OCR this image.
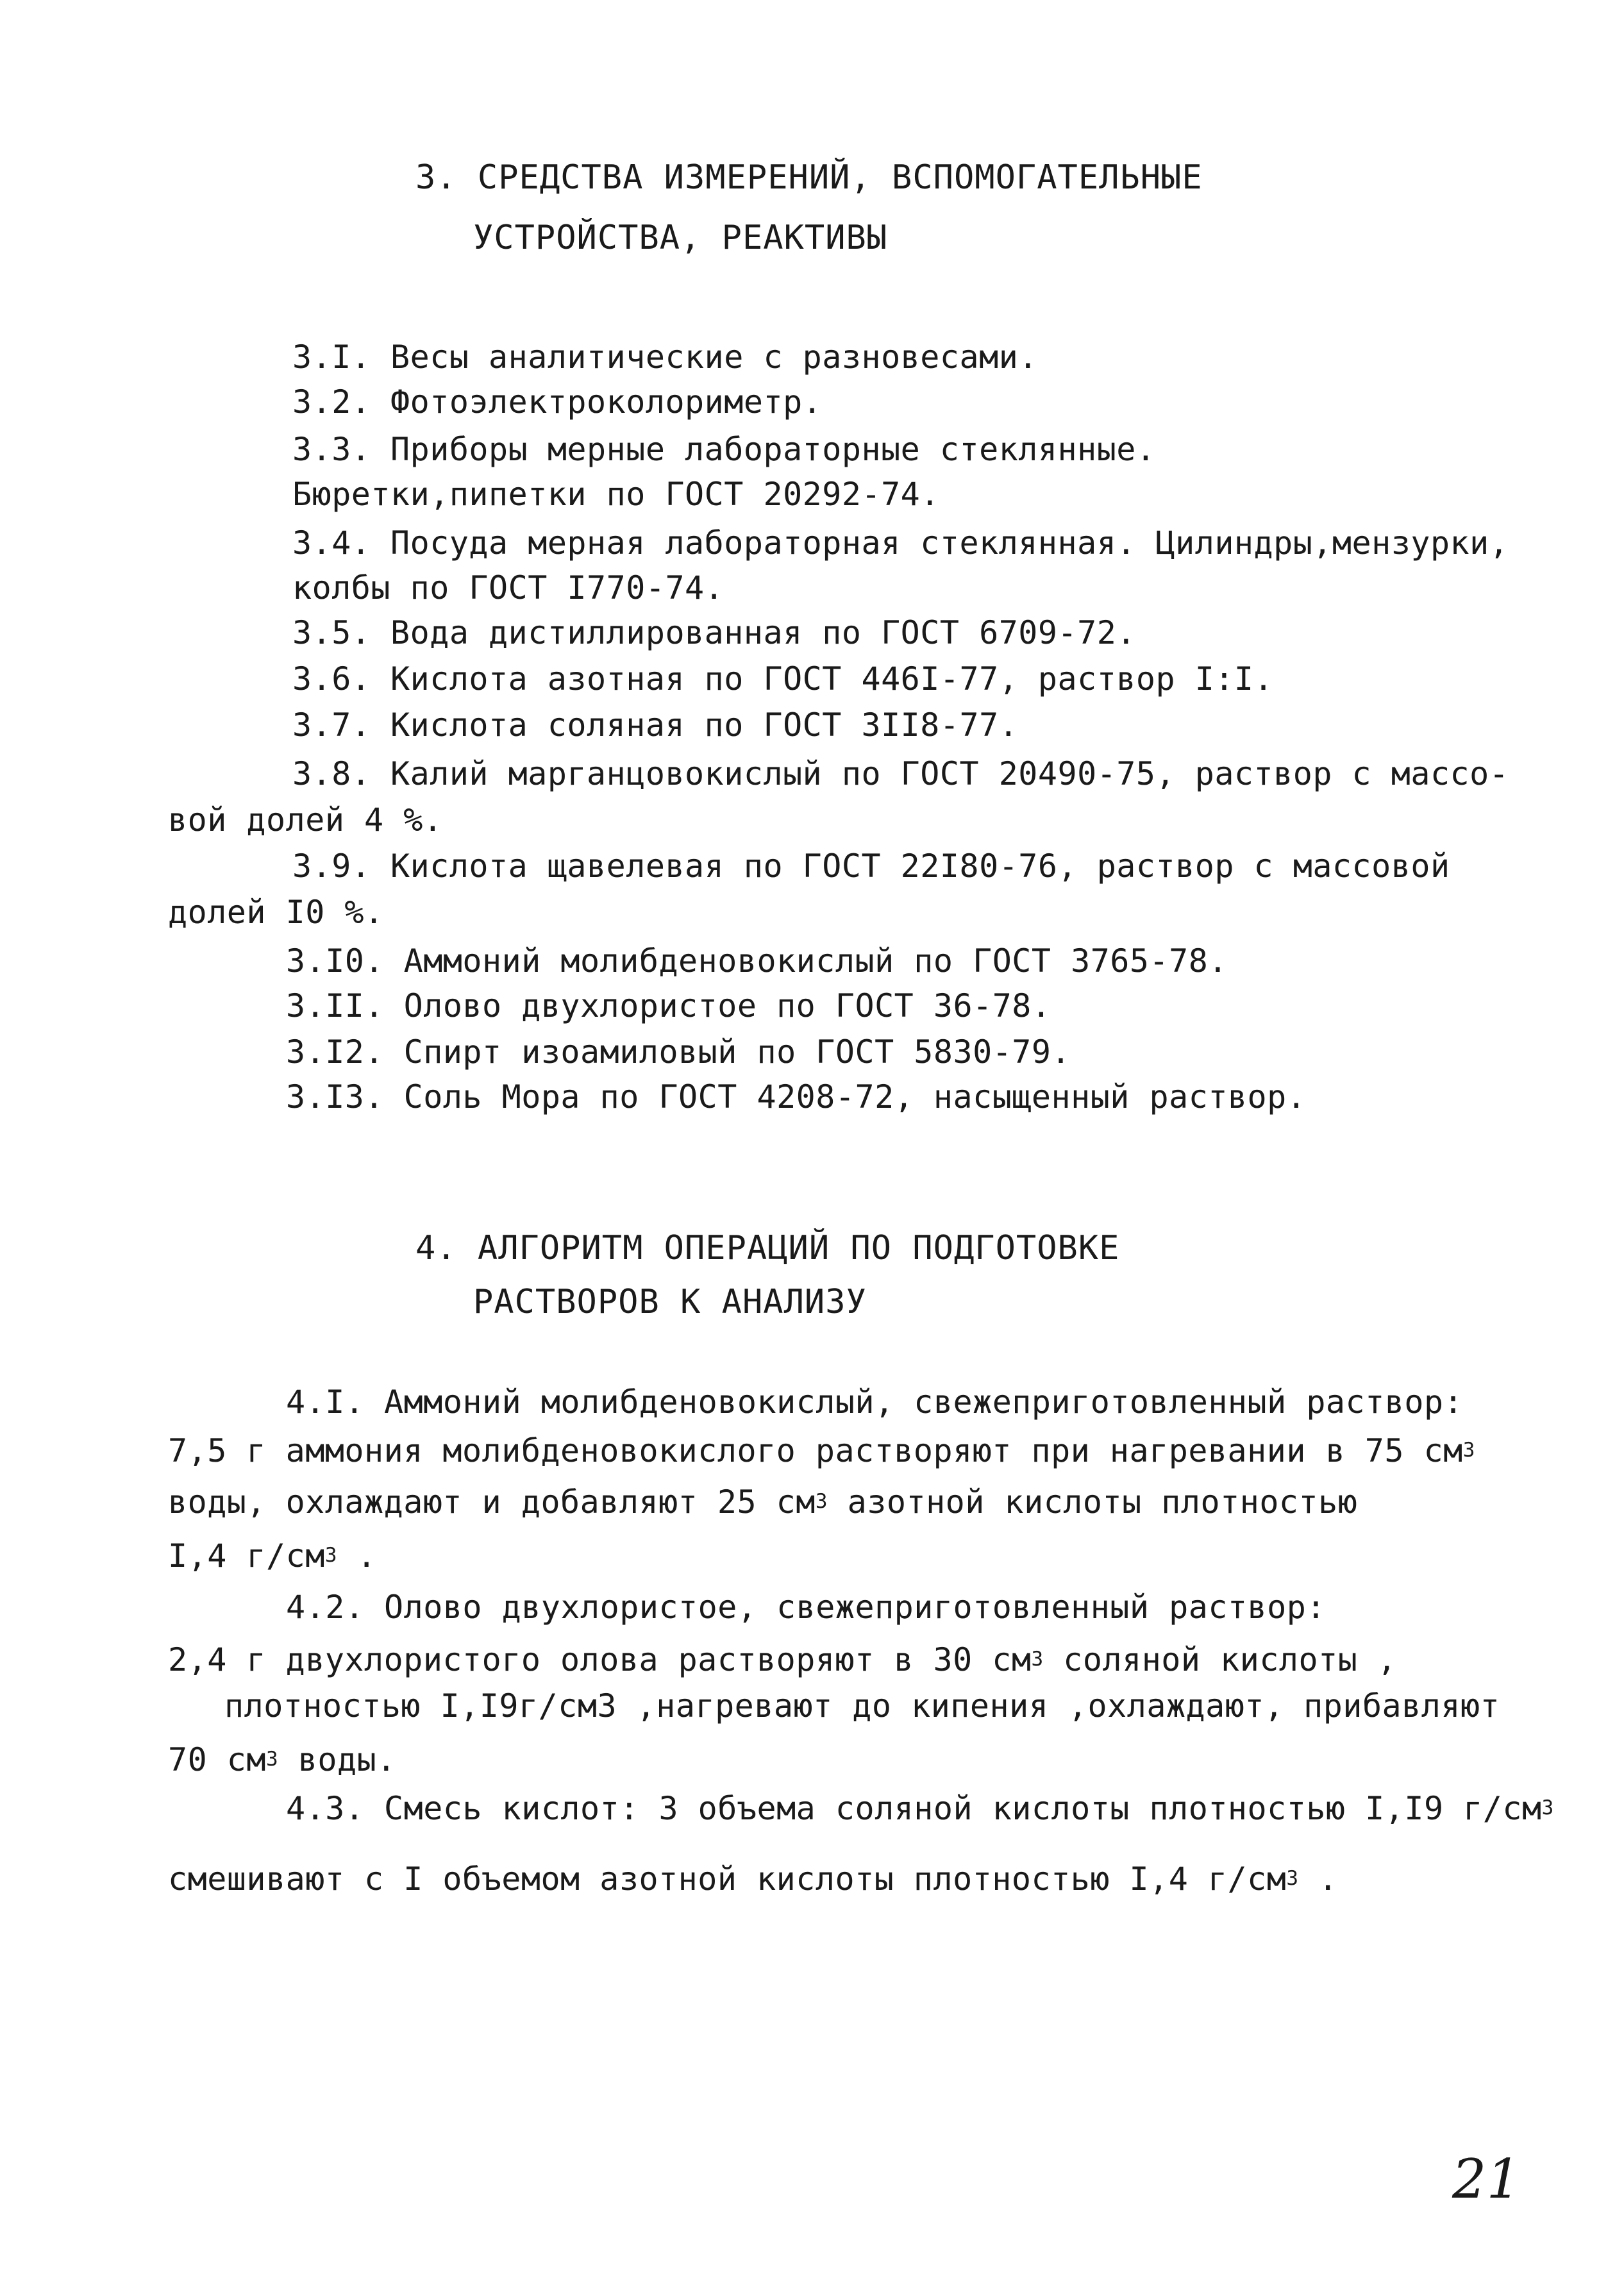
3. СРЕДСТВА ИЗМЕРЕНИЙ, ВСПОМОГАТЕЛЬНЫЕ
УСТРОЙСТВА, РЕАКТИВЫ
3.I. Весы аналитические с разновесами.
3.2. Фотоэлектроколориметр.
3.3. Приборы мерные лабораторные стеклянные.
Бюретки,пипетки по ГОСТ 20292-74.
3.4. Посуда мерная лабораторная стеклянная. Цилиндры,мензурки,
колбы по ГОСТ I770-74.
3.5. Вода дистиллированная по ГОСТ 6709-72.
3.6. Кислота азотная по ГОСТ 446I-77, раствор I:I.
3.7. Кислота соляная по ГОСТ 3II8-77.
3.8. Калий марганцовокислый по ГОСТ 20490-75, раствор с массо-
вой долей 4 %.
3.9. Кислота щавелевая по ГОСТ 22I80-76, раствор с массовой
долей I0 %.
3.I0. Аммоний молибденовокислый по ГОСТ 3765-78.
3.II. Олово двухлористое по ГОСТ 36-78.
3.I2. Спирт изоамиловый по ГОСТ 5830-79.
3.I3. Соль Мора по ГОСТ 4208-72, насыщенный раствор.
4. АЛГОРИТМ ОПЕРАЦИЙ ПО ПОДГОТОВКЕ
РАСТВОРОВ К АНАЛИЗУ
4.I. Аммоний молибденовокислый, свежеприготовленный раствор:
7,5 г аммония молибденовокислого растворяют при нагревании в 75 $см^3$
воды, охлаждают и добавляют 25 $см^3$ азотной кислоты плотностью
I,4 $г/см^3$ .
4.2. Олово двухлористое, свежеприготовленный раствор:
2,4 г двухлористого олова растворяют в 30 $см^3$ соляной кислоты ,
плотностью I,I9г/см3 ,нагревают до кипения ,охлаждают, прибавляют
70 $см^3$ воды.
4.3. Смесь кислот: 3 объема соляной кислоты плотностью I,I9 $г/см^3$
смешивают с I объемом азотной кислоты плотностью I,4 $г/см^3$ .
21
